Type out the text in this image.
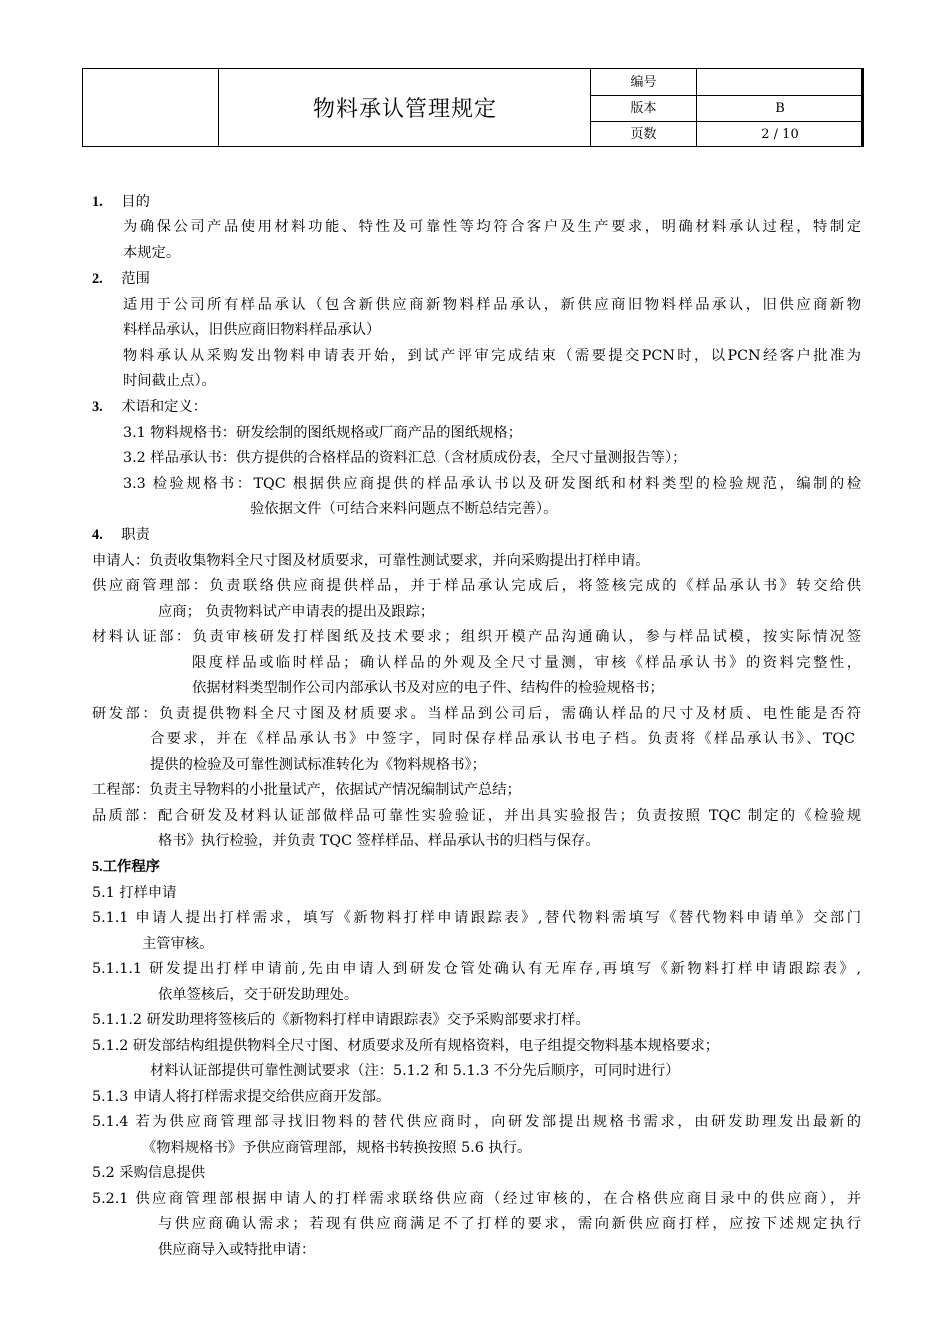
物料承认管理规定
编号
版本	B
页数	2 / 10
1. 目的
为确保公司产品使用材料功能、特性及可靠性等均符合客户及生产要求，明确材料承认过程，特制定
本规定。
2. 范围
适用于公司所有样品承认（包含新供应商新物料样品承认，新供应商旧物料样品承认，旧供应商新物
料样品承认，旧供应商旧物料样品承认）
物料承认从采购发出物料申请表开始，到试产评审完成结束（需要提交PCN时，以PCN经客户批准为
时间截止点）。
3. 术语和定义：
3.1 物料规格书：研发绘制的图纸规格或厂商产品的图纸规格；
3.2 样品承认书：供方提供的合格样品的资料汇总（含材质成份表，全尺寸量测报告等）；
3.3 检验规格书：TQC 根据供应商提供的样品承认书以及研发图纸和材料类型的检验规范，编制的检
验依据文件（可结合来料问题点不断总结完善）。
4. 职责
申请人：负责收集物料全尺寸图及材质要求，可靠性测试要求，并向采购提出打样申请。
供应商管理部：负责联络供应商提供样品，并于样品承认完成后，将签核完成的《样品承认书》转交给供
应商； 负责物料试产申请表的提出及跟踪；
材料认证部：负责审核研发打样图纸及技术要求；组织开模产品沟通确认，参与样品试模，按实际情况签
限度样品或临时样品；确认样品的外观及全尺寸量测，审核《样品承认书》的资料完整性，
依据材料类型制作公司内部承认书及对应的电子件、结构件的检验规格书；
研发部：负责提供物料全尺寸图及材质要求。当样品到公司后，需确认样品的尺寸及材质、电性能是否符
合要求，并在《样品承认书》中签字，同时保存样品承认书电子档。负责将《样品承认书》、TQC
提供的检验及可靠性测试标准转化为《物料规格书》；
工程部：负责主导物料的小批量试产，依据试产情况编制试产总结；
品质部：配合研发及材料认证部做样品可靠性实验验证，并出具实验报告；负责按照 TQC 制定的《检验规
格书》执行检验，并负责 TQC 签样样品、样品承认书的归档与保存。
5.工作程序
5.1 打样申请
5.1.1 申请人提出打样需求，填写《新物料打样申请跟踪表》,替代物料需填写《替代物料申请单》交部门
主管审核。
5.1.1.1 研发提出打样申请前,先由申请人到研发仓管处确认有无库存,再填写《新物料打样申请跟踪表》,
依单签核后，交于研发助理处。
5.1.1.2 研发助理将签核后的《新物料打样申请跟踪表》交予采购部要求打样。
5.1.2 研发部结构组提供物料全尺寸图、材质要求及所有规格资料，电子组提交物料基本规格要求；
材料认证部提供可靠性测试要求（注：5.1.2 和 5.1.3 不分先后顺序，可同时进行）
5.1.3 申请人将打样需求提交给供应商开发部。
5.1.4 若为供应商管理部寻找旧物料的替代供应商时，向研发部提出规格书需求，由研发助理发出最新的
《物料规格书》予供应商管理部，规格书转换按照 5.6 执行。
5.2 采购信息提供
5.2.1 供应商管理部根据申请人的打样需求联络供应商（经过审核的，在合格供应商目录中的供应商），并
与供应商确认需求；若现有供应商满足不了打样的要求，需向新供应商打样，应按下述规定执行
供应商导入或特批申请：
